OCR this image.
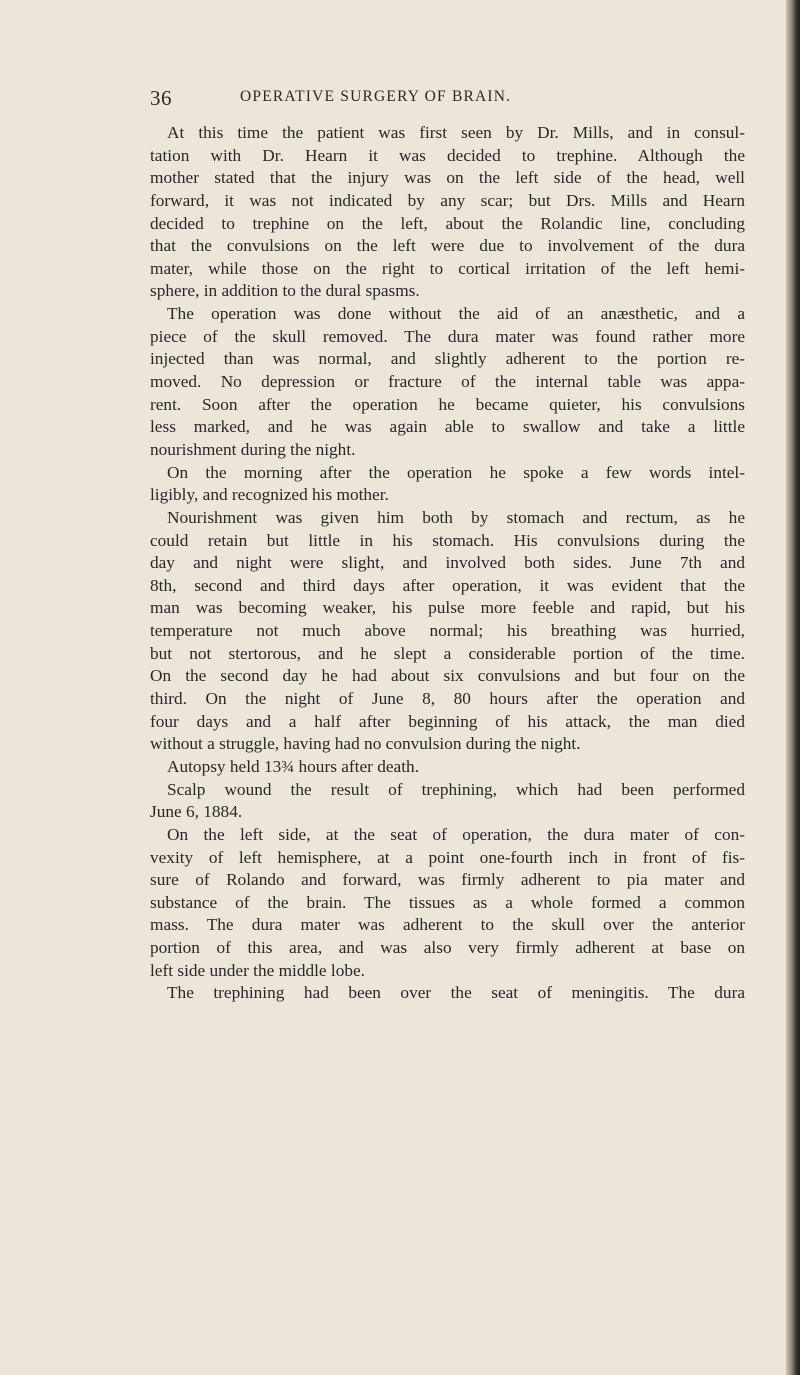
36	OPERATIVE SURGERY OF BRAIN.
At this time the patient was first seen by Dr. Mills, and in consul-
tation with Dr. Hearn it was decided to trephine. Although the
mother stated that the injury was on the left side of the head, well
forward, it was not indicated by any scar; but Drs. Mills and Hearn
decided to trephine on the left, about the Rolandic line, concluding
that the convulsions on the left were due to involvement of the dura
mater, while those on the right to cortical irritation of the left hemi-
sphere, in addition to the dural spasms.
The operation was done without the aid of an anæsthetic, and a
piece of the skull removed. The dura mater was found rather more
injected than was normal, and slightly adherent to the portion re-
moved. No depression or fracture of the internal table was appa-
rent. Soon after the operation he became quieter, his convulsions
less marked, and he was again able to swallow and take a little
nourishment during the night.
On the morning after the operation he spoke a few words intel-
ligibly, and recognized his mother.
Nourishment was given him both by stomach and rectum, as he
could retain but little in his stomach. His convulsions during the
day and night were slight, and involved both sides. June 7th and
8th, second and third days after operation, it was evident that the
man was becoming weaker, his pulse more feeble and rapid, but his
temperature not much above normal; his breathing was hurried,
but not stertorous, and he slept a considerable portion of the time.
On the second day he had about six convulsions and but four on the
third. On the night of June 8, 80 hours after the operation and
four days and a half after beginning of his attack, the man died
without a struggle, having had no convulsion during the night.
Autopsy held 13¾ hours after death.
Scalp wound the result of trephining, which had been performed
June 6, 1884.
On the left side, at the seat of operation, the dura mater of con-
vexity of left hemisphere, at a point one-fourth inch in front of fis-
sure of Rolando and forward, was firmly adherent to pia mater and
substance of the brain. The tissues as a whole formed a common
mass. The dura mater was adherent to the skull over the anterior
portion of this area, and was also very firmly adherent at base on
left side under the middle lobe.
The trephining had been over the seat of meningitis. The dura
